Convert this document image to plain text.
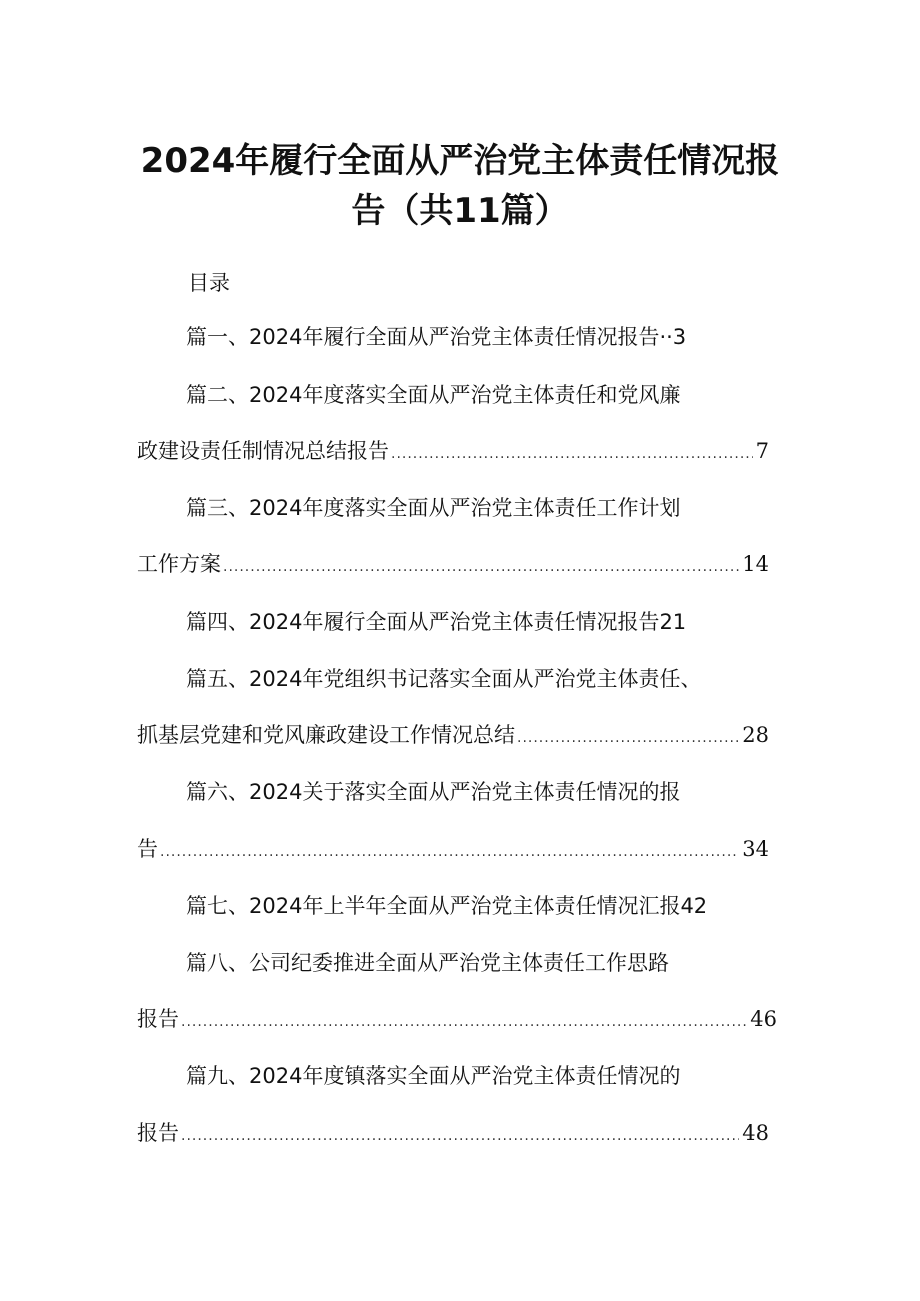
2024年履行全面从严治党主体责任情况报
告（共11篇）
目录
篇一、2024年履行全面从严治党主体责任情况报告··3
篇二、2024年度落实全面从严治党主体责任和党风廉
政建设责任制情况总结报告 .....	7
篇三、2024年度落实全面从严治党主体责任工作计划
工作方案 .....	14
篇四、2024年履行全面从严治党主体责任情况报告21
篇五、2024年党组织书记落实全面从严治党主体责任、
抓基层党建和党风廉政建设工作情况总结 .....	28
篇六、2024关于落实全面从严治党主体责任情况的报
告 .....	34
篇七、2024年上半年全面从严治党主体责任情况汇报42
篇八、公司纪委推进全面从严治党主体责任工作思路
报告 .....	46
篇九、2024年度镇落实全面从严治党主体责任情况的
报告 .....	48
